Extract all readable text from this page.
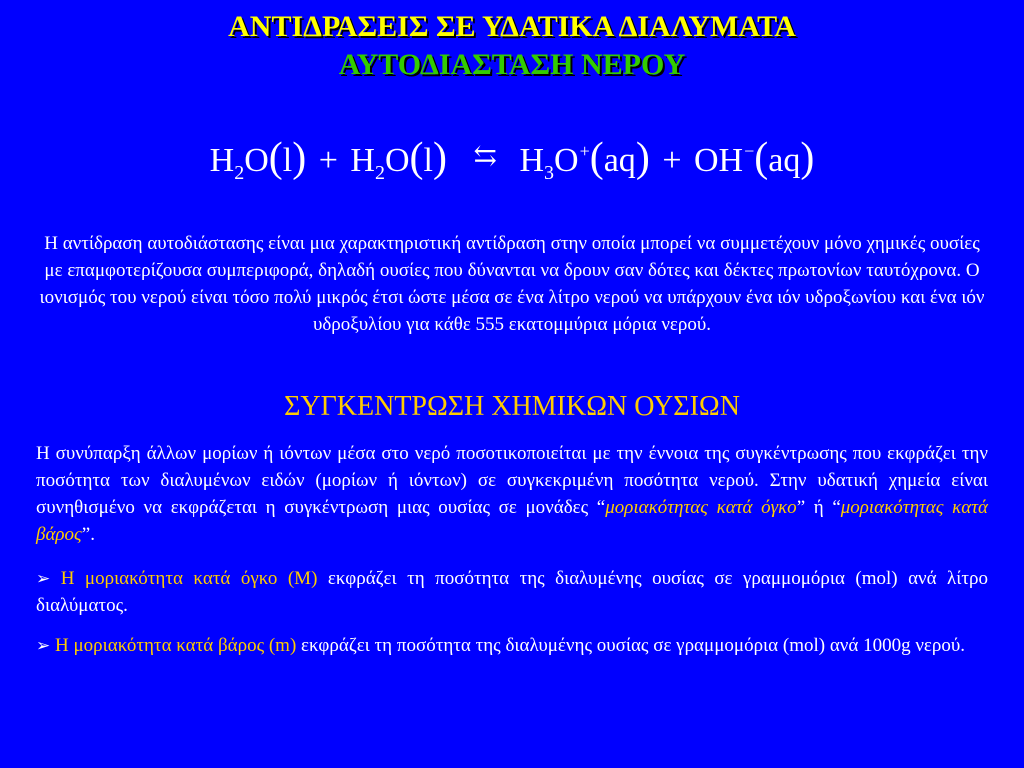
ΑΝΤΙΔΡΑΣΕΙΣ ΣΕ ΥΔΑΤΙΚΑ ΔΙΑΛΥΜΑΤΑ
ΑΥΤΟΔΙΑΣΤΑΣΗ ΝΕΡΟΥ
$H_2O(l) + H_2O(l)$ ⇆ $H_3O^+(aq) + OH^-(aq)$
Η αντίδραση αυτοδιάστασης είναι μια χαρακτηριστική αντίδραση στην οποία μπορεί να συμμετέχουν μόνο χημικές ουσίες με επαμφοτερίζουσα συμπεριφορά, δηλαδή ουσίες που δύνανται να δρουν σαν δότες και δέκτες πρωτονίων ταυτόχρονα. Ο ιονισμός του νερού είναι τόσο πολύ μικρός έτσι ώστε μέσα σε ένα λίτρο νερού να υπάρχουν ένα ιόν υδροξωνίου και ένα ιόν υδροξυλίου για κάθε 555 εκατομμύρια μόρια νερού.
ΣΥΓΚΕΝΤΡΩΣΗ ΧΗΜΙΚΩΝ ΟΥΣΙΩΝ
Η συνύπαρξη άλλων μορίων ή ιόντων μέσα στο νερό ποσοτικοποιείται με την έννοια της συγκέντρωσης που εκφράζει την ποσότητα των διαλυμένων ειδών (μορίων ή ιόντων) σε συγκεκριμένη ποσότητα νερού. Στην υδατική χημεία είναι συνηθισμένο να εκφράζεται η συγκέντρωση μιας ουσίας σε μονάδες “μοριακότητας κατά όγκο” ή “μοριακότητας κατά βάρος”.
➢ Η μοριακότητα κατά όγκο (M) εκφράζει τη ποσότητα της διαλυμένης ουσίας σε γραμμομόρια (mol) ανά λίτρο διαλύματος.
➢ Η μοριακότητα κατά βάρος (m) εκφράζει τη ποσότητα της διαλυμένης ουσίας σε γραμμομόρια (mol) ανά 1000g νερού.
